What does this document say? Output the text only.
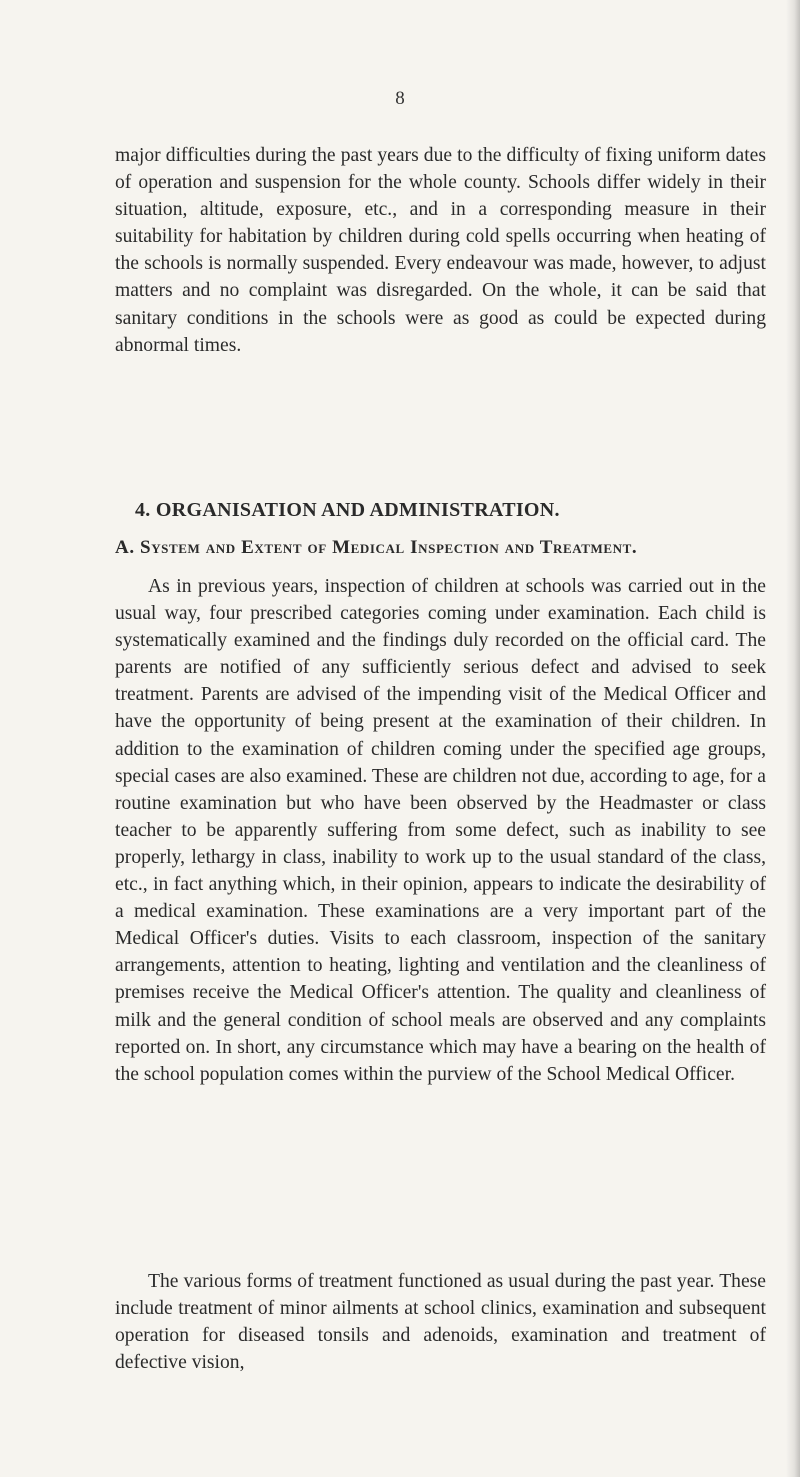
8

major difficulties during the past years due to the difficulty of fixing uniform dates of operation and suspension for the whole county. Schools differ widely in their situation, altitude, exposure, etc., and in a corresponding measure in their suitability for habitation by children during cold spells occurring when heating of the schools is normally suspended. Every endeavour was made, however, to adjust matters and no complaint was disregarded. On the whole, it can be said that sanitary conditions in the schools were as good as could be expected during abnormal times.

4. ORGANISATION AND ADMINISTRATION.
A. System and Extent of Medical Inspection and Treatment.

As in previous years, inspection of children at schools was carried out in the usual way, four prescribed categories coming under examination. Each child is systematically examined and the findings duly recorded on the official card. The parents are notified of any sufficiently serious defect and advised to seek treatment. Parents are advised of the impending visit of the Medical Officer and have the opportunity of being present at the examination of their children. In addition to the examination of children coming under the specified age groups, special cases are also examined. These are children not due, according to age, for a routine examination but who have been observed by the Headmaster or class teacher to be apparently suffering from some defect, such as inability to see properly, lethargy in class, inability to work up to the usual standard of the class, etc., in fact anything which, in their opinion, appears to indicate the desirability of a medical examination. These examinations are a very important part of the Medical Officer's duties. Visits to each classroom, inspection of the sanitary arrangements, attention to heating, lighting and ventilation and the cleanliness of premises receive the Medical Officer's attention. The quality and cleanliness of milk and the general condition of school meals are observed and any complaints reported on. In short, any circumstance which may have a bearing on the health of the school population comes within the purview of the School Medical Officer.

The various forms of treatment functioned as usual during the past year. These include treatment of minor ailments at school clinics, examination and subsequent operation for diseased tonsils and adenoids, examination and treatment of defective vision,
